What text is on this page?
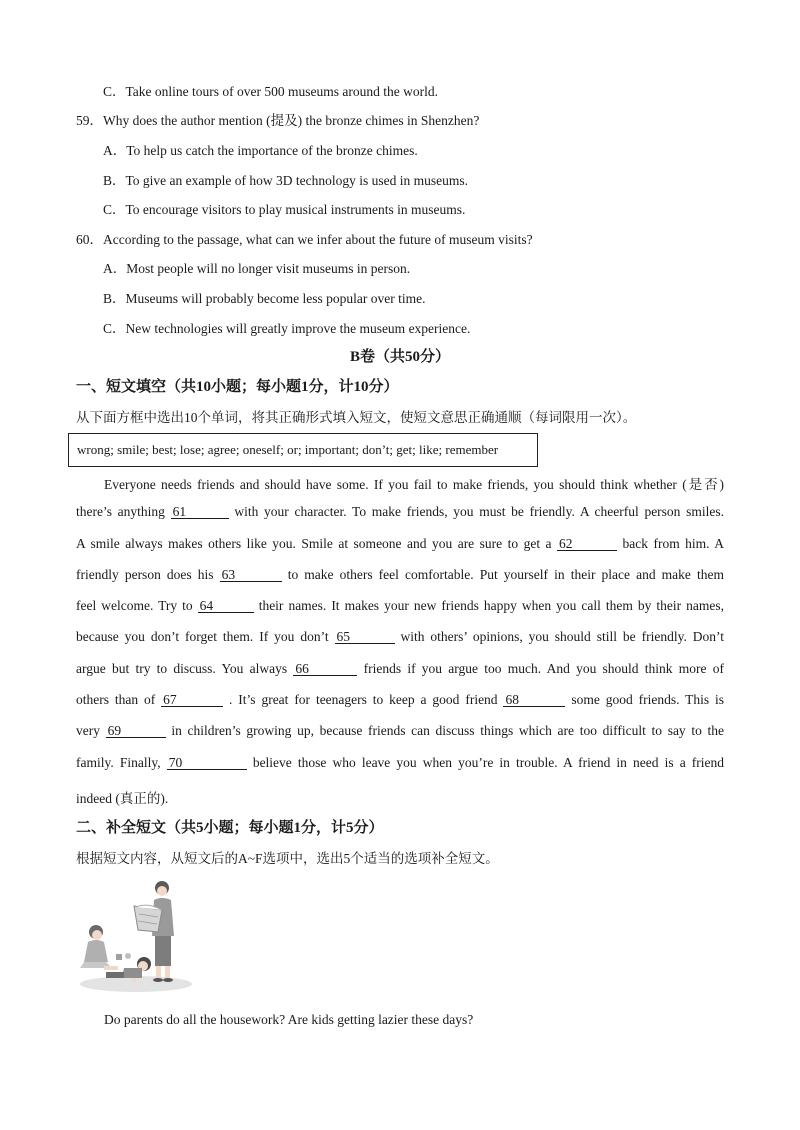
C．Take online tours of over 500 museums around the world.
59．Why does the author mention (提及) the bronze chimes in Shenzhen?
A．To help us catch the importance of the bronze chimes.
B．To give an example of how 3D technology is used in museums.
C．To encourage visitors to play musical instruments in museums.
60．According to the passage, what can we infer about the future of museum visits?
A．Most people will no longer visit museums in person.
B．Museums will probably become less popular over time.
C．New technologies will greatly improve the museum experience.
B卷（共50分）
一、短文填空（共10小题；每小题1分，计10分）
从下面方框中选出10个单词，将其正确形式填入短文，使短文意思正确通顺（每词限用一次）。
wrong; smile; best; lose; agree; oneself; or; important; don’t; get; like; remember
Everyone needs friends and should have some. If you fail to make friends, you should think whether (是否)
there’s anything 61	with your character. To make friends, you must be friendly. A cheerful person smiles.
A smile always makes others like you. Smile at someone and you are sure to get a 62	back from him. A
friendly person does his 63	to make others feel comfortable. Put yourself in their place and make them
feel welcome. Try to 64	their names. It makes your new friends happy when you call them by their names,
because you don’t forget them. If you don’t 65	with others’ opinions, you should still be friendly. Don’t
argue but try to discuss. You always 66	friends if you argue too much. And you should think more of
others than of 67	. It’s great for teenagers to keep a good friend 68	some good friends. This is
very 69	in children’s growing up, because friends can discuss things which are too difficult to say to the
family. Finally, 70	believe those who leave you when you’re in trouble. A friend in need is a friend
indeed (真正的).
二、补全短文（共5小题；每小题1分，计5分）
根据短文内容，从短文后的A~F选项中，选出5个适当的选项补全短文。
Do parents do all the housework? Are kids getting lazier these days?
